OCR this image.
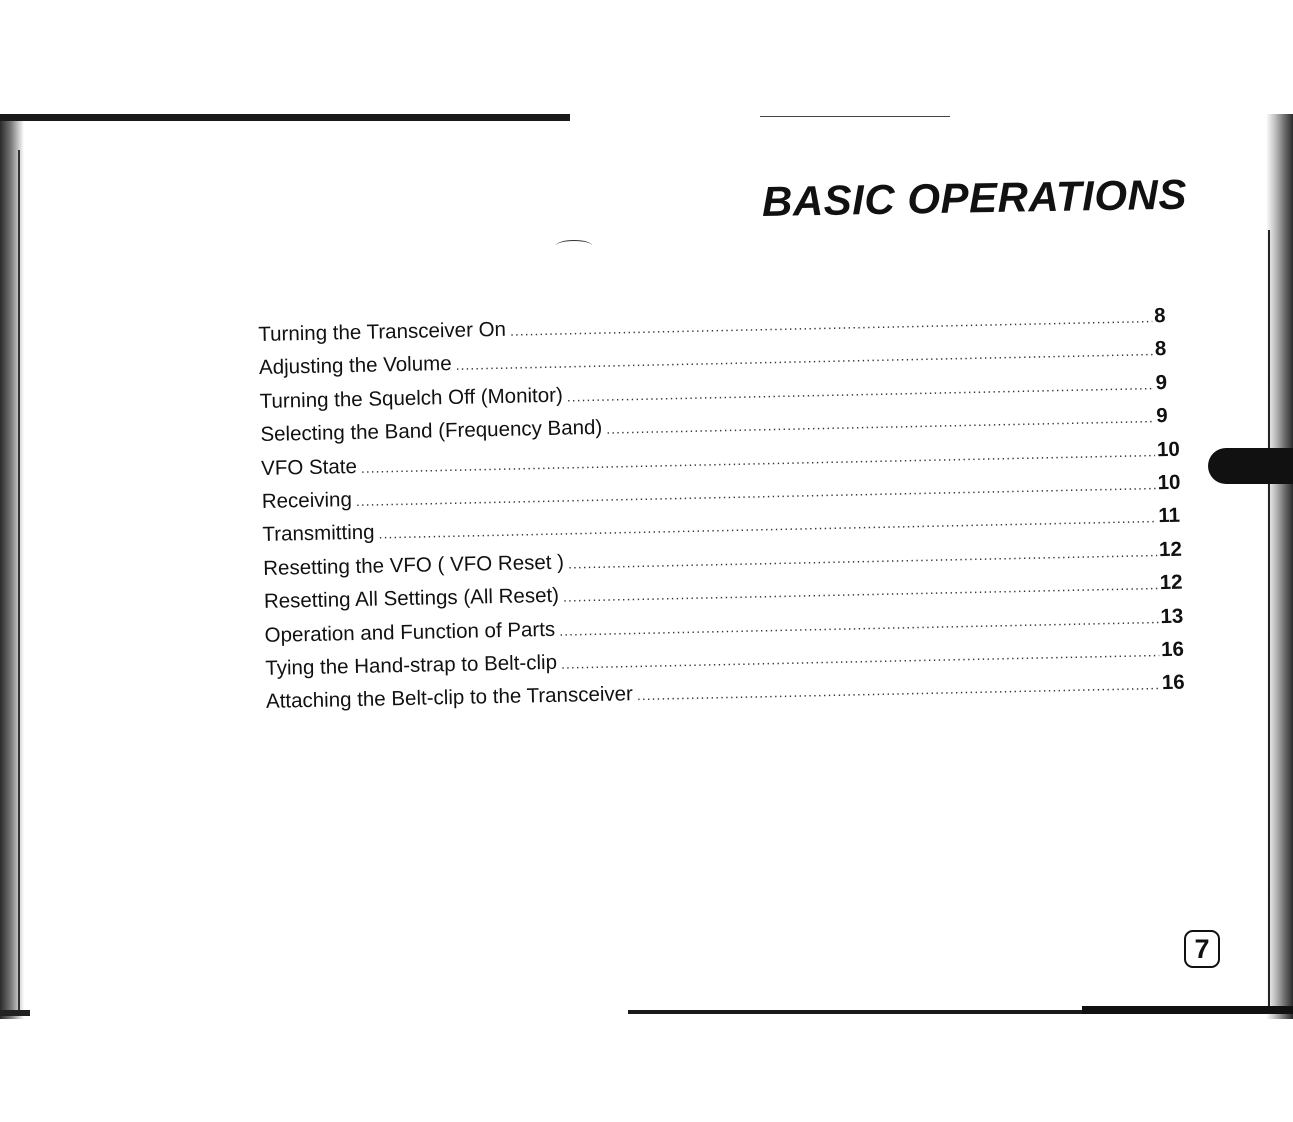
BASIC OPERATIONS
Turning the Transceiver On
.....
8
Adjusting the Volume
.....
8
Turning the Squelch Off (Monitor)
.....
9
Selecting the Band (Frequency Band)
.....
9
VFO State
.....
10
Receiving
.....
10
Transmitting
.....
11
Resetting the VFO ( VFO Reset )
.....
12
Resetting All Settings (All Reset)
.....
12
Operation and Function of Parts
.....
13
Tying the Hand-strap to Belt-clip
.....
16
Attaching the Belt-clip to the Transceiver
.....	16
7
